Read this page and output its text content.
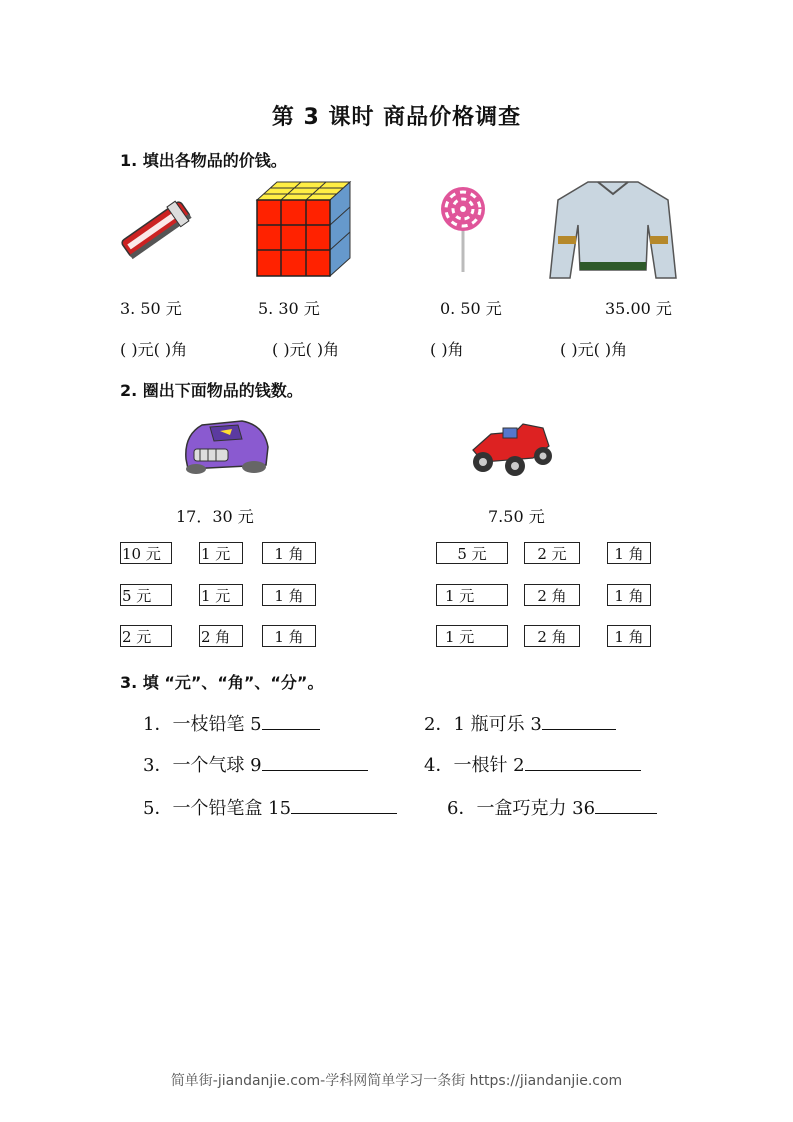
第 3 课时 商品价格调查
1. 填出各物品的价钱。
3. 50 元	5. 30 元	0. 50 元	35.00 元
( )元( )角	( )元( )角	( )角	( )元( )角
2. 圈出下面物品的钱数。
17．30 元	7.50 元
10 元	1 元	1 角
5 元	1 元	1 角
2 元	2 角	1 角
5 元	2 元	1 角
1 元	2 角	1 角
1 元	2 角	1 角
3. 填 “元”、“角”、“分”。
1．一枝铅笔 5	2．1 瓶可乐 3
3．一个气球 9	4．一根针 2
5．一个铅笔盒 15	6．一盒巧克力 36
简单街-jiandanjie.com-学科网简单学习一条街 https://jiandanjie.com
